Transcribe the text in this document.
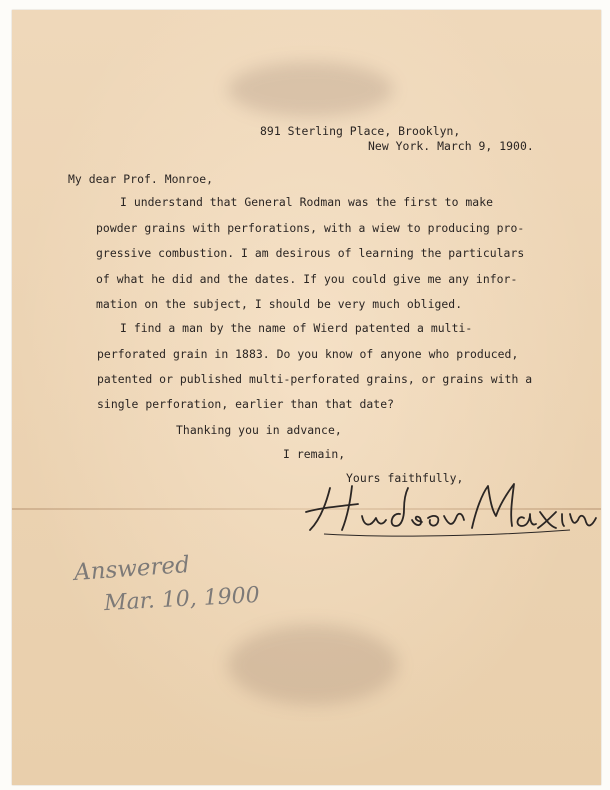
891 Sterling Place, Brooklyn,

New York. March 9, 1900.

My dear Prof. Monroe,

I understand that General Rodman was the first to make

powder grains with perforations, with a wiew to producing pro-

gressive combustion. I am desirous of learning the particulars

of what he did and the dates. If you could give me any infor-

mation on the subject, I should be very much obliged.

I find a man by the name of Wierd patented a multi-

perforated grain in 1883. Do you know of anyone who produced,

patented or published multi-perforated grains, or grains with a

single perforation, earlier than that date?

Thanking you in advance,

I remain,

Yours faithfully,

Hudson Maxim

Answered

Mar. 10, 1900
